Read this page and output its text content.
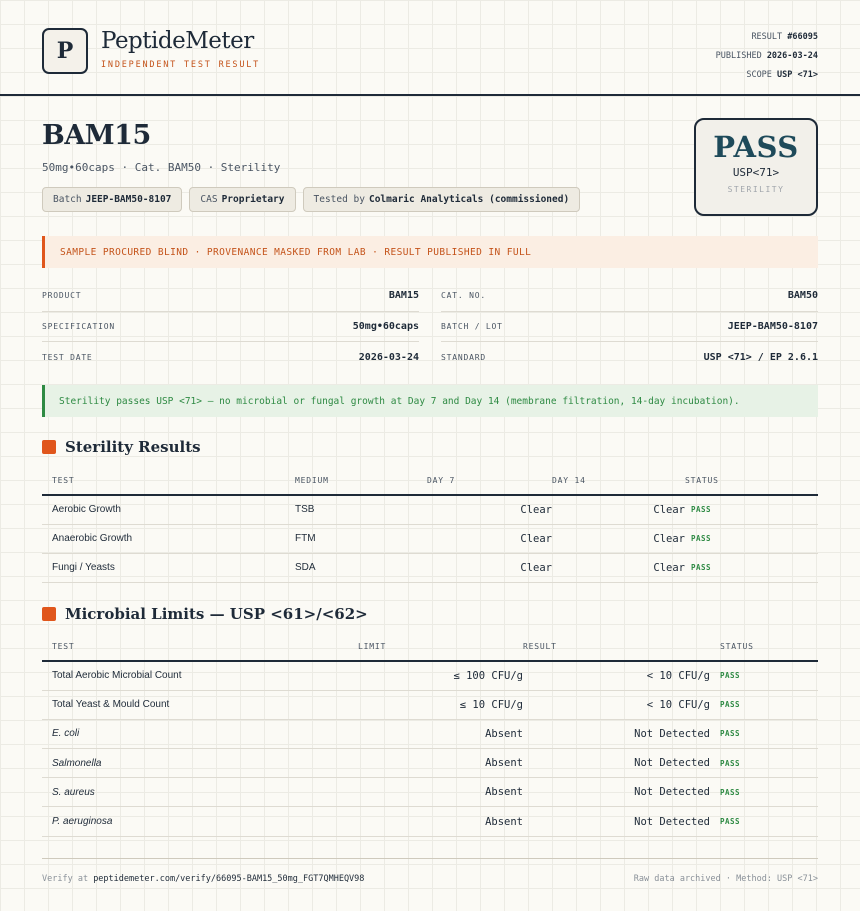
P	PeptideMeter
INDEPENDENT TEST RESULT
RESULT #66095
PUBLISHED 2026-03-24
SCOPE USP <71>
BAM15
50mg•60caps · Cat. BAM50 · Sterility
Batch JEEP-BAM50-8107	CAS Proprietary	Tested by Colmaric Analyticals (commissioned)
PASS
USP<71>
STERILITY
SAMPLE PROCURED BLIND · PROVENANCE MASKED FROM LAB · RESULT PUBLISHED IN FULL
PRODUCT	BAM15
SPECIFICATION	50mg•60caps
TEST DATE	2026-03-24
CAT. NO.	BAM50
BATCH / LOT	JEEP-BAM50-8107
STANDARD	USP <71> / EP 2.6.1
Sterility passes USP <71> — no microbial or fungal growth at Day 7 and Day 14 (membrane filtration, 14-day incubation).
Sterility Results
TEST	MEDIUM	DAY 7	DAY 14	STATUS
Aerobic Growth	TSB	Clear	Clear	PASS
Anaerobic Growth	FTM	Clear	Clear	PASS
Fungi / Yeasts	SDA	Clear	Clear	PASS
Microbial Limits — USP <61>/<62>
TEST	LIMIT	RESULT	STATUS
Total Aerobic Microbial Count	≤ 100 CFU/g	< 10 CFU/g	PASS
Total Yeast & Mould Count	≤ 10 CFU/g	< 10 CFU/g	PASS
E. coli	Absent	Not Detected	PASS
Salmonella	Absent	Not Detected	PASS
S. aureus	Absent	Not Detected	PASS
P. aeruginosa	Absent	Not Detected	PASS
Verify at peptidemeter.com/verify/66095-BAM15_50mg_FGT7QMHEQV98	Raw data archived · Method: USP <71>
